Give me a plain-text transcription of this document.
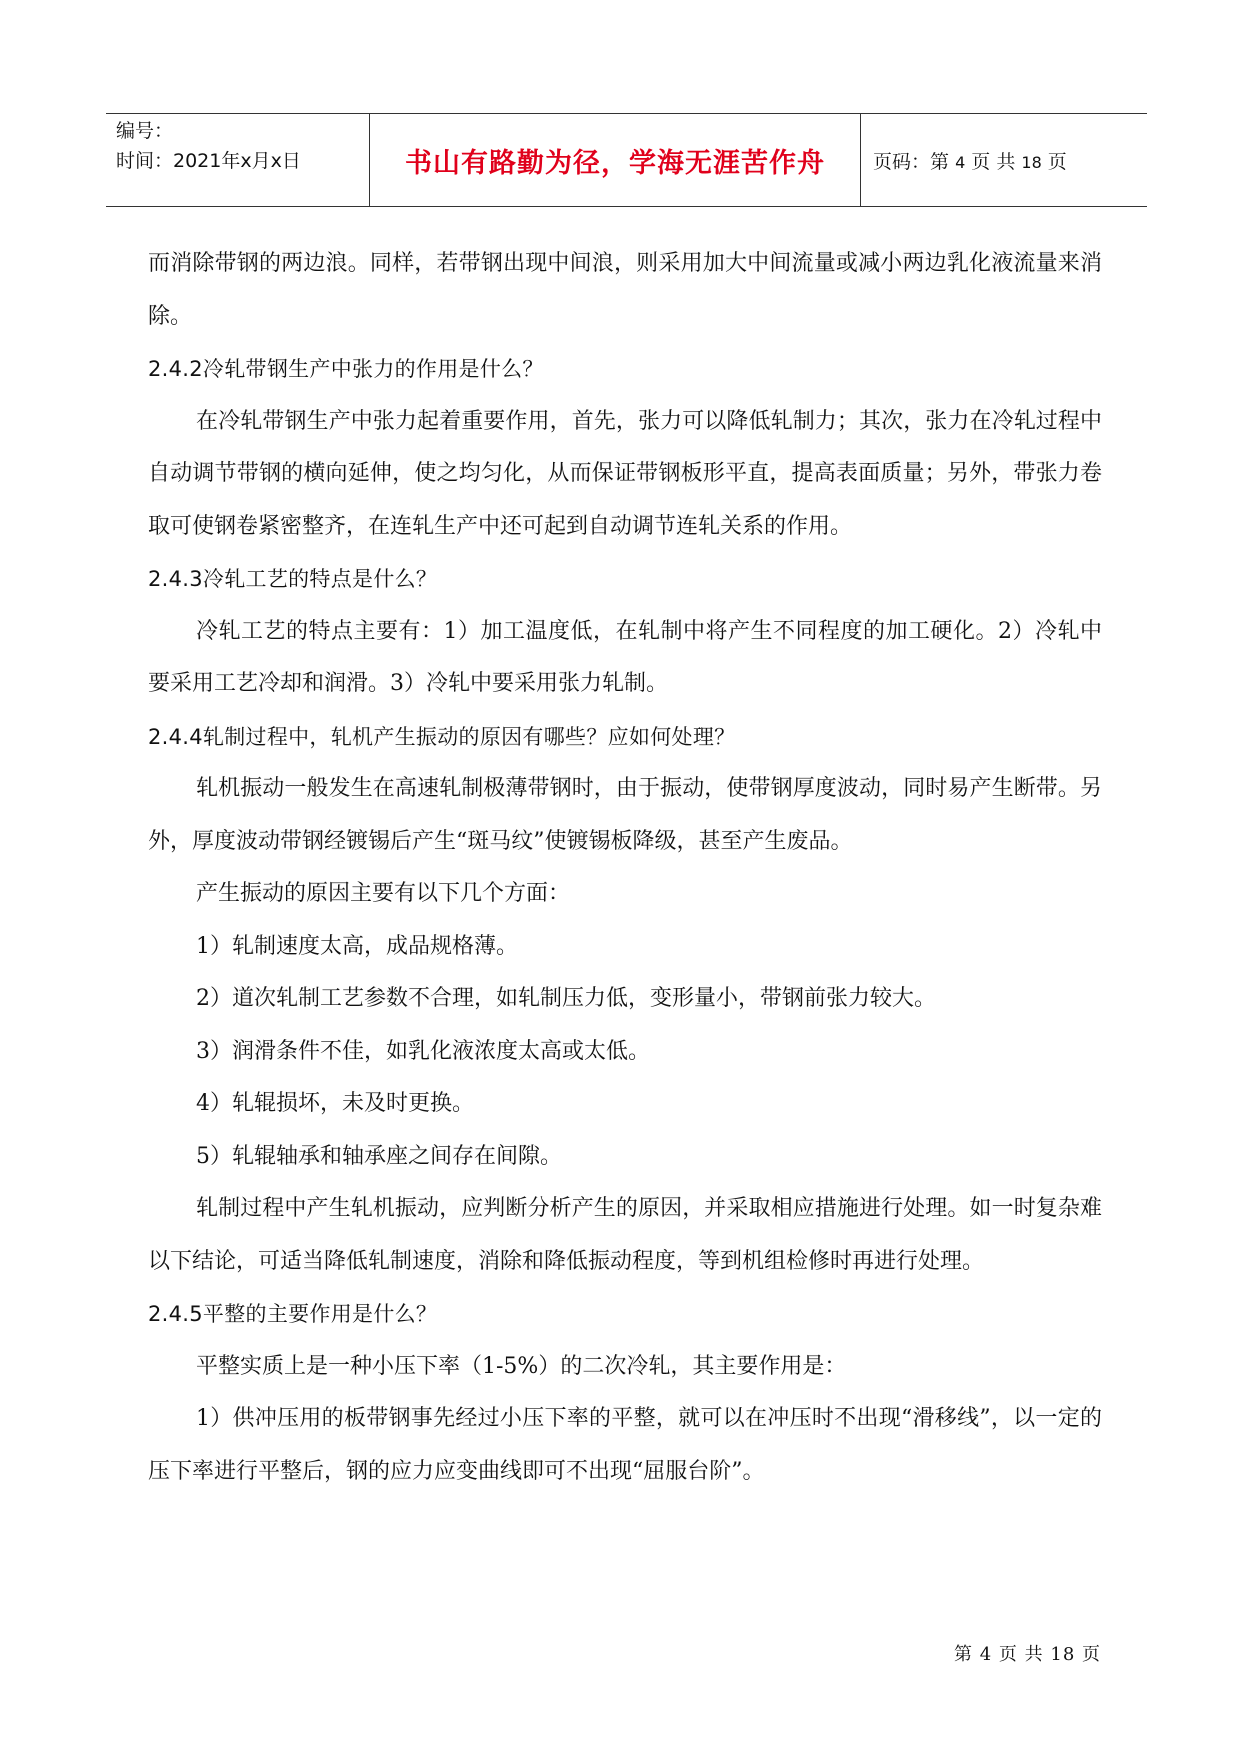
编号：
时间：2021年x月x日	书山有路勤为径，学海无涯苦作舟	页码：第 4 页 共 18 页

而消除带钢的两边浪。同样，若带钢出现中间浪，则采用加大中间流量或减小两边乳化液流量来消除。

2.4.2冷轧带钢生产中张力的作用是什么？

在冷轧带钢生产中张力起着重要作用，首先，张力可以降低轧制力；其次，张力在冷轧过程中自动调节带钢的横向延伸，使之均匀化，从而保证带钢板形平直，提高表面质量；另外，带张力卷取可使钢卷紧密整齐，在连轧生产中还可起到自动调节连轧关系的作用。

2.4.3冷轧工艺的特点是什么？

冷轧工艺的特点主要有：1）加工温度低，在轧制中将产生不同程度的加工硬化。2）冷轧中要采用工艺冷却和润滑。3）冷轧中要采用张力轧制。

2.4.4轧制过程中，轧机产生振动的原因有哪些？应如何处理？

轧机振动一般发生在高速轧制极薄带钢时，由于振动，使带钢厚度波动，同时易产生断带。另外，厚度波动带钢经镀锡后产生“斑马纹”使镀锡板降级，甚至产生废品。

产生振动的原因主要有以下几个方面：

1）轧制速度太高，成品规格薄。

2）道次轧制工艺参数不合理，如轧制压力低，变形量小，带钢前张力较大。

3）润滑条件不佳，如乳化液浓度太高或太低。

4）轧辊损坏，未及时更换。

5）轧辊轴承和轴承座之间存在间隙。

轧制过程中产生轧机振动，应判断分析产生的原因，并采取相应措施进行处理。如一时复杂难以下结论，可适当降低轧制速度，消除和降低振动程度，等到机组检修时再进行处理。

2.4.5平整的主要作用是什么？

平整实质上是一种小压下率（1-5%）的二次冷轧，其主要作用是：

1）供冲压用的板带钢事先经过小压下率的平整，就可以在冲压时不出现“滑移线”，以一定的压下率进行平整后，钢的应力应变曲线即可不出现“屈服台阶”。

第 4 页 共 18 页
